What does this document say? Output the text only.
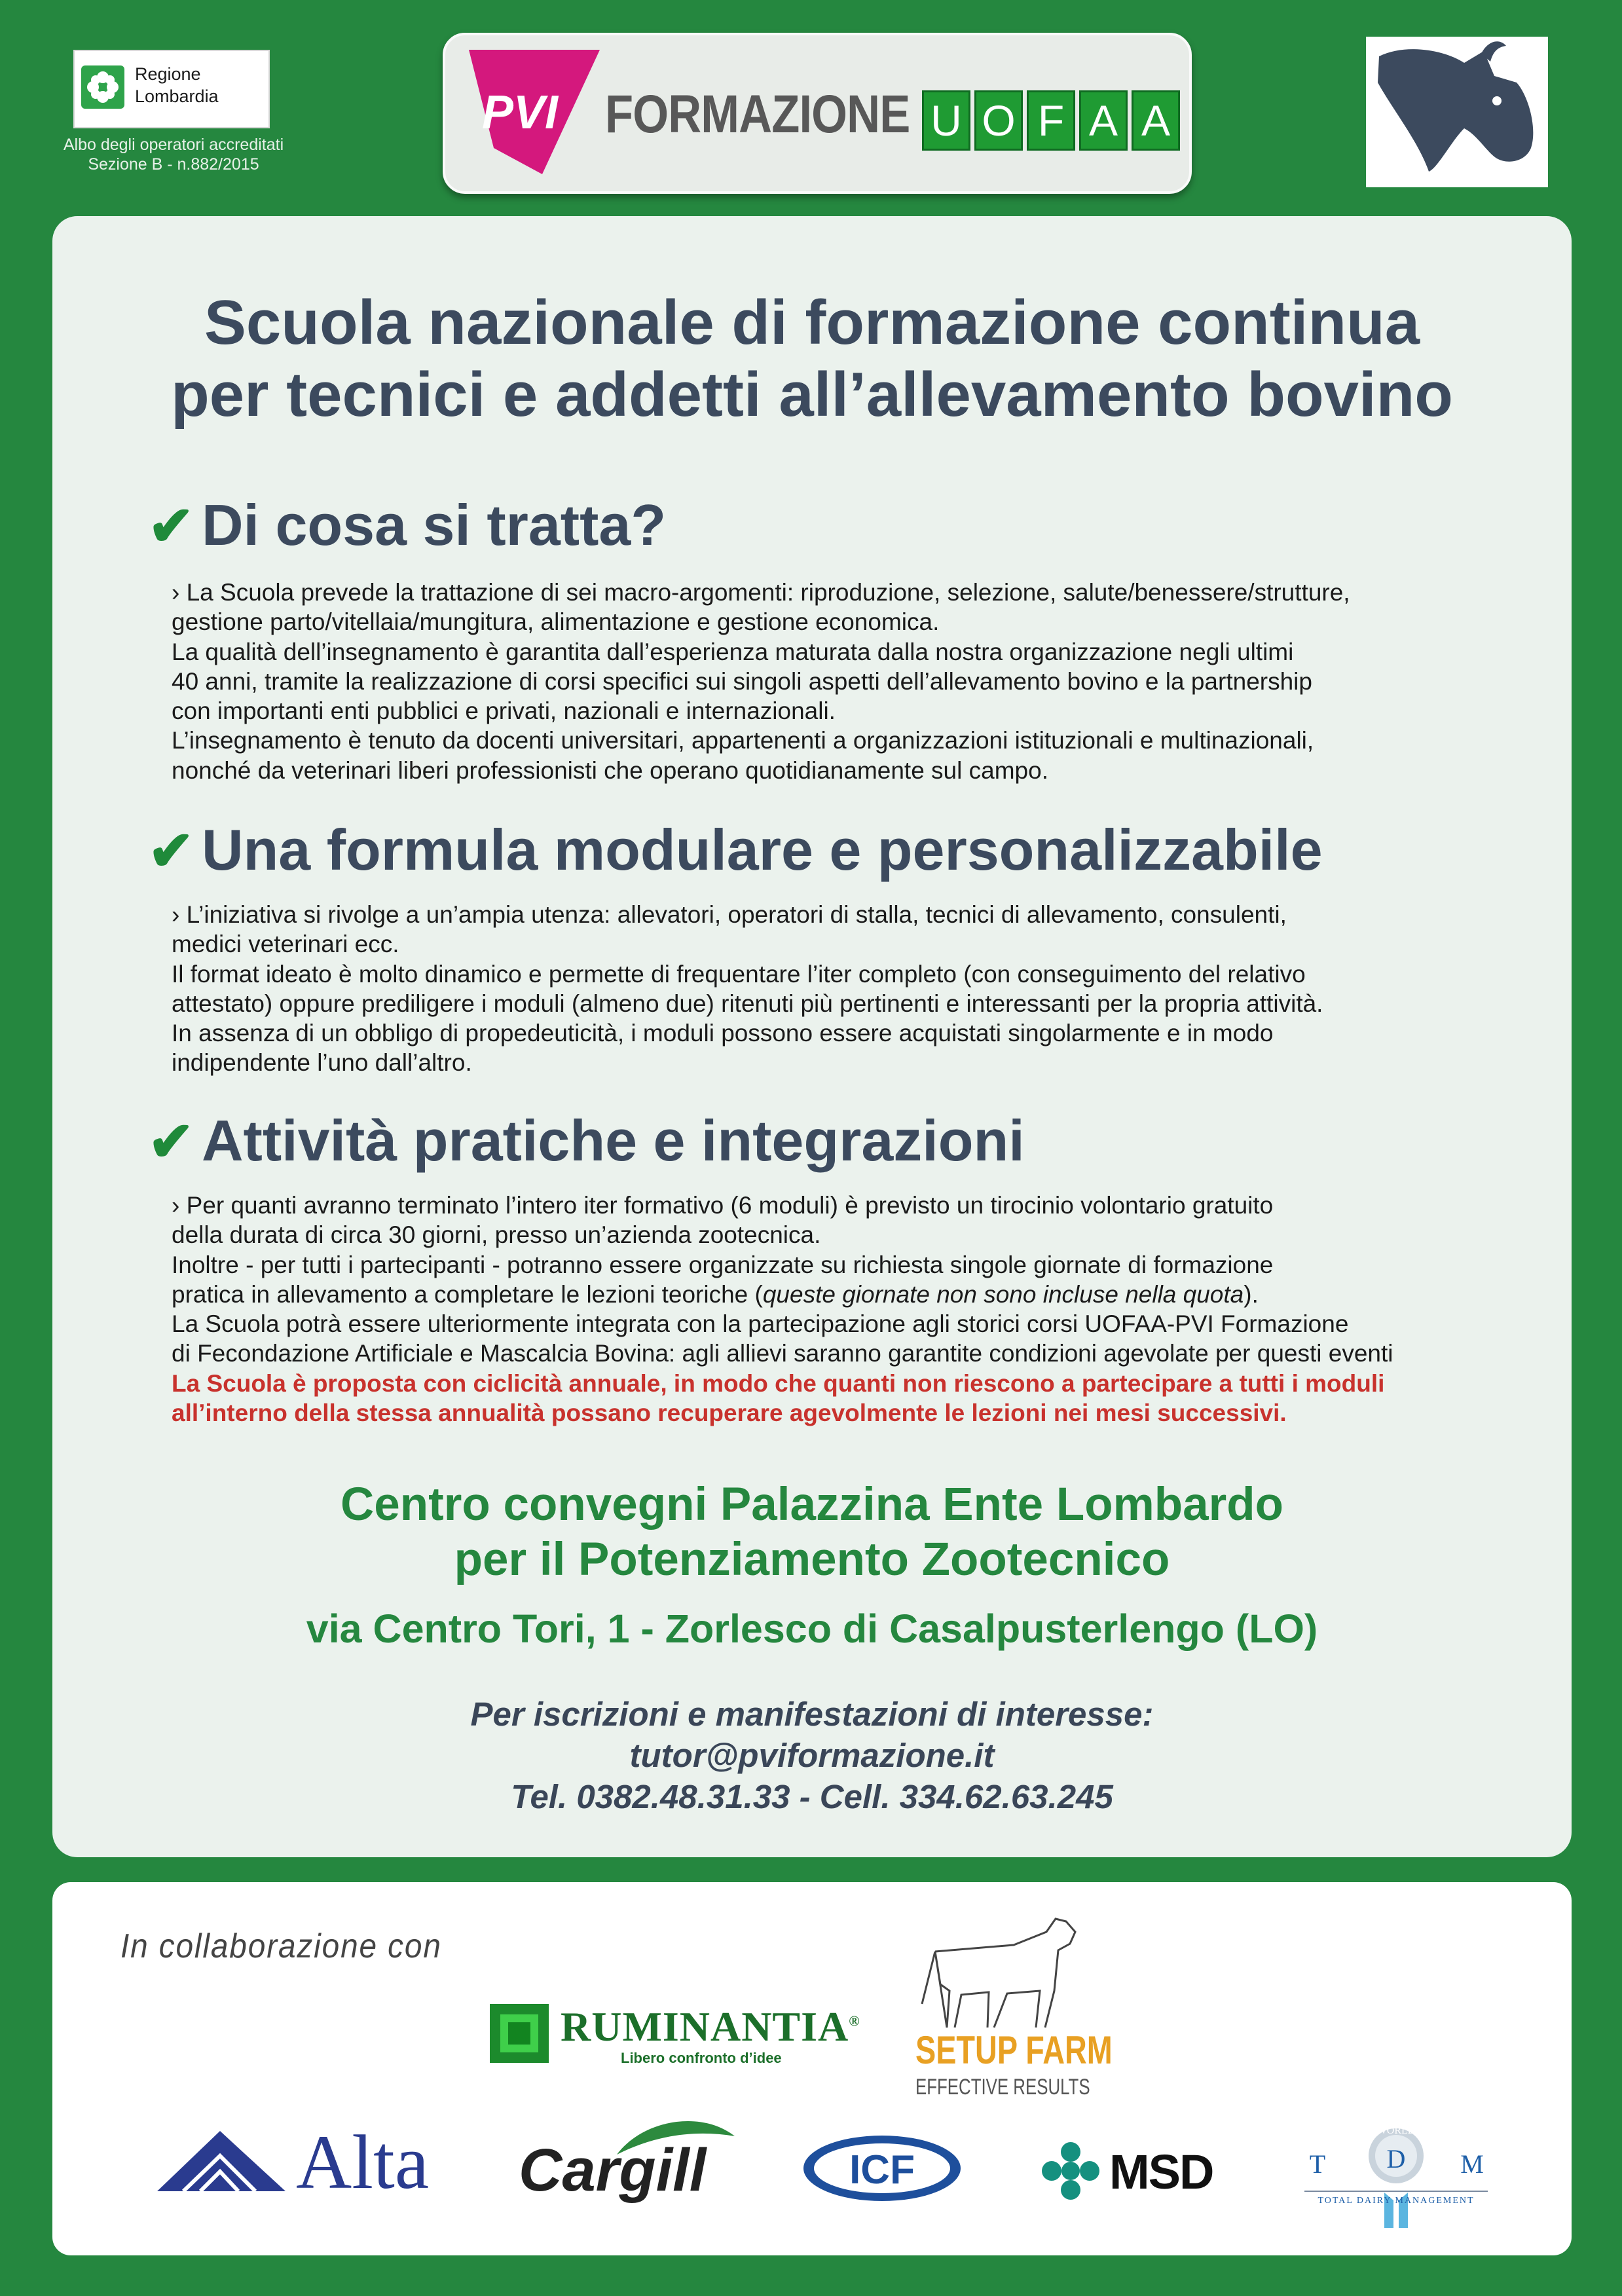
Regione
Lombardia
Albo degli operatori accreditati
Sezione B - n.882/2015
PVI FORMAZIONE U O F A A
Scuola nazionale di formazione continua
per tecnici e addetti all’allevamento bovino
✔ Di cosa si tratta?

› La Scuola prevede la trattazione di sei macro-argomenti: riproduzione, selezione, salute/benessere/strutture,

gestione parto/vitellaia/mungitura, alimentazione e gestione economica.

La qualità dell’insegnamento è garantita dall’esperienza maturata dalla nostra organizzazione negli ultimi

40 anni, tramite la realizzazione di corsi specifici sui singoli aspetti dell’allevamento bovino e la partnership

con importanti enti pubblici e privati, nazionali e internazionali.

L’insegnamento è tenuto da docenti universitari, appartenenti a organizzazioni istituzionali e multinazionali,

nonché da veterinari liberi professionisti che operano quotidianamente sul campo.

✔ Una formula modulare e personalizzabile

› L’iniziativa si rivolge a un’ampia utenza: allevatori, operatori di stalla, tecnici di allevamento, consulenti,

medici veterinari ecc.

Il format ideato è molto dinamico e permette di frequentare l’iter completo (con conseguimento del relativo

attestato) oppure prediligere i moduli (almeno due) ritenuti più pertinenti e interessanti per la propria attività.

In assenza di un obbligo di propedeuticità, i moduli possono essere acquistati singolarmente e in modo

indipendente l’uno dall’altro.

✔ Attività pratiche e integrazioni

› Per quanti avranno terminato l’intero iter formativo (6 moduli) è previsto un tirocinio volontario gratuito

della durata di circa 30 giorni, presso un’azienda zootecnica.

Inoltre - per tutti i partecipanti - potranno essere organizzate su richiesta singole giornate di formazione

pratica in allevamento a completare le lezioni teoriche (queste giornate non sono incluse nella quota).

La Scuola potrà essere ulteriormente integrata con la partecipazione agli storici corsi UOFAA-PVI Formazione

di Fecondazione Artificiale e Mascalcia Bovina: agli allievi saranno garantite condizioni agevolate per questi eventi

La Scuola è proposta con ciclicità annuale, in modo che quanti non riescono a partecipare a tutti i moduli

all’interno della stessa annualità possano recuperare agevolmente le lezioni nei mesi successivi.

Centro convegni Palazzina Ente Lombardo
per il Potenziamento Zootecnico
via Centro Tori, 1 - Zorlesco di Casalpusterlengo (LO)
Per iscrizioni e manifestazioni di interesse:
tutor@pviformazione.it
Tel. 0382.48.31.33 - Cell. 334.62.63.245
In collaborazione con
RUMINANTIA®
Libero confronto d’idee	SETUP FARM
EFFECTIVE RESULTS
Alta Cargill	ICF	MSD
WORLD
T D M
TOTAL DAIRY MANAGEMENT
